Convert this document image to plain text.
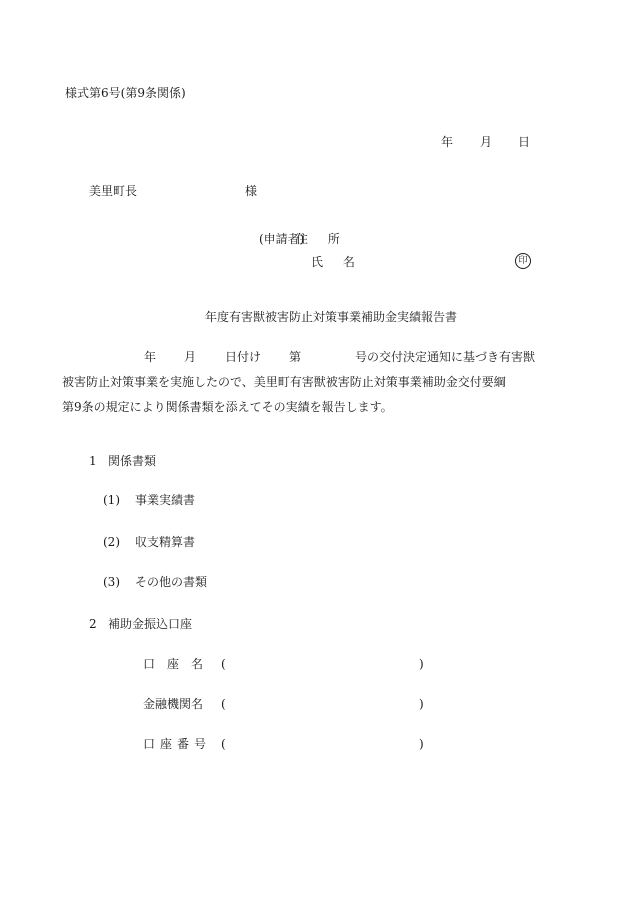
様式第6号(第9条関係)
年 月 日
美里町長	様
(申請者)
住 所
氏 名	印
年度有害獣被害防止対策事業補助金実績報告書
年 月 日付け 第	号の交付決定通知に基づき有害獣
被害防止対策事業を実施したので、美里町有害獣被害防止対策事業補助金交付要綱
第9条の規定により関係書類を添えてその実績を報告します。
1 関係書類
(1) 事業実績書
(2) 収支精算書
(3) その他の書類
2 補助金振込口座
口座名 (	)
金融機関名 (	)
口座番号 (	)
